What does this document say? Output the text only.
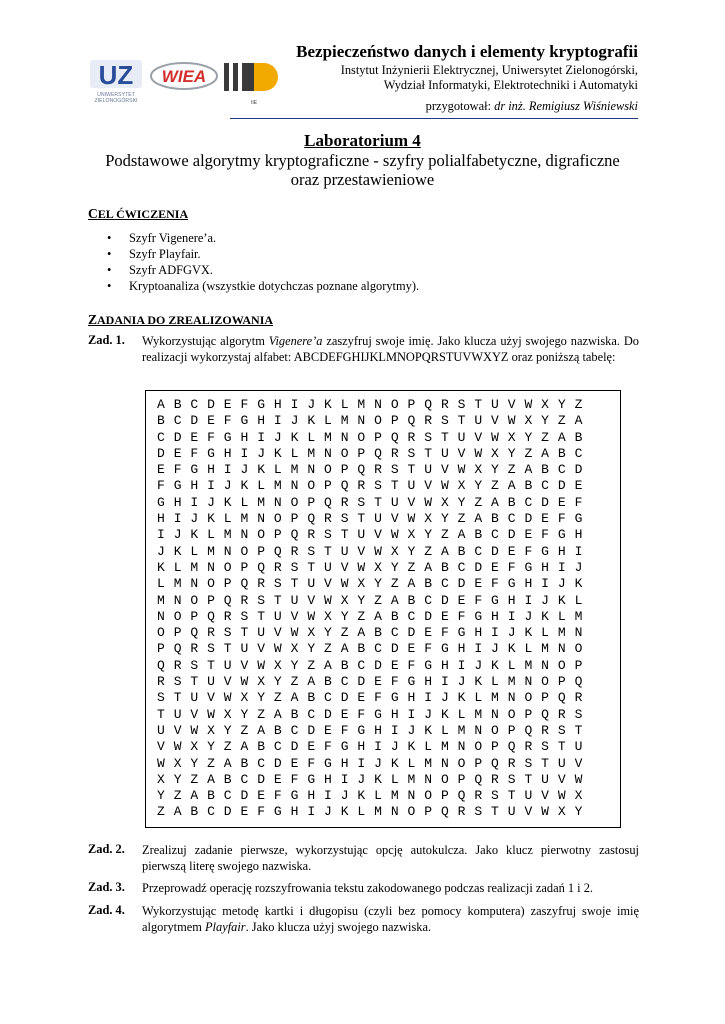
UZ
UNIWERSYTET
ZIELONOGÓRSKI
WIEA
IIE
Bezpieczeństwo danych i elementy kryptografii
Instytut Inżynierii Elektrycznej, Uniwersytet Zielonogórski,
Wydział Informatyki, Elektrotechniki i Automatyki
przygotował: dr inż. Remigiusz Wiśniewski
Laboratorium 4
Podstawowe algorytmy kryptograficzne - szyfry polialfabetyczne, digraficzne
oraz przestawieniowe
CEL ĆWICZENIA
• Szyfr Vigenere’a.
• Szyfr Playfair.
• Szyfr ADFGVX.
• Kryptoanaliza (wszystkie dotychczas poznane algorytmy).
ZADANIA DO ZREALIZOWANIA
Zad. 1. Wykorzystując algorytm Vigenere’a zaszyfruj swoje imię. Jako klucza użyj swojego nazwiska. Do realizacji wykorzystaj alfabet: ABCDEFGHIJKLMNOPQRSTUVWXYZ oraz poniższą tabelę:
A B C D E F G H I J K L M N O P Q R S T U V W X Y Z
B C D E F G H I J K L M N O P Q R S T U V W X Y Z A
C D E F G H I J K L M N O P Q R S T U V W X Y Z A B
D E F G H I J K L M N O P Q R S T U V W X Y Z A B C
E F G H I J K L M N O P Q R S T U V W X Y Z A B C D
F G H I J K L M N O P Q R S T U V W X Y Z A B C D E
G H I J K L M N O P Q R S T U V W X Y Z A B C D E F
H I J K L M N O P Q R S T U V W X Y Z A B C D E F G
I J K L M N O P Q R S T U V W X Y Z A B C D E F G H
J K L M N O P Q R S T U V W X Y Z A B C D E F G H I
K L M N O P Q R S T U V W X Y Z A B C D E F G H I J
L M N O P Q R S T U V W X Y Z A B C D E F G H I J K
M N O P Q R S T U V W X Y Z A B C D E F G H I J K L
N O P Q R S T U V W X Y Z A B C D E F G H I J K L M
O P Q R S T U V W X Y Z A B C D E F G H I J K L M N
P Q R S T U V W X Y Z A B C D E F G H I J K L M N O
Q R S T U V W X Y Z A B C D E F G H I J K L M N O P
R S T U V W X Y Z A B C D E F G H I J K L M N O P Q
S T U V W X Y Z A B C D E F G H I J K L M N O P Q R
T U V W X Y Z A B C D E F G H I J K L M N O P Q R S
U V W X Y Z A B C D E F G H I J K L M N O P Q R S T
V W X Y Z A B C D E F G H I J K L M N O P Q R S T U
W X Y Z A B C D E F G H I J K L M N O P Q R S T U V
X Y Z A B C D E F G H I J K L M N O P Q R S T U V W
Y Z A B C D E F G H I J K L M N O P Q R S T U V W X
Z A B C D E F G H I J K L M N O P Q R S T U V W X Y
Zad. 2. Zrealizuj zadanie pierwsze, wykorzystując opcję autokulcza. Jako klucz pierwotny zastosuj pierwszą literę swojego nazwiska.
Zad. 3. Przeprowadź operację rozszyfrowania tekstu zakodowanego podczas realizacji zadań 1 i 2.
Zad. 4. Wykorzystując metodę kartki i długopisu (czyli bez pomocy komputera) zaszyfruj swoje imię algorytmem Playfair. Jako klucza użyj swojego nazwiska.
